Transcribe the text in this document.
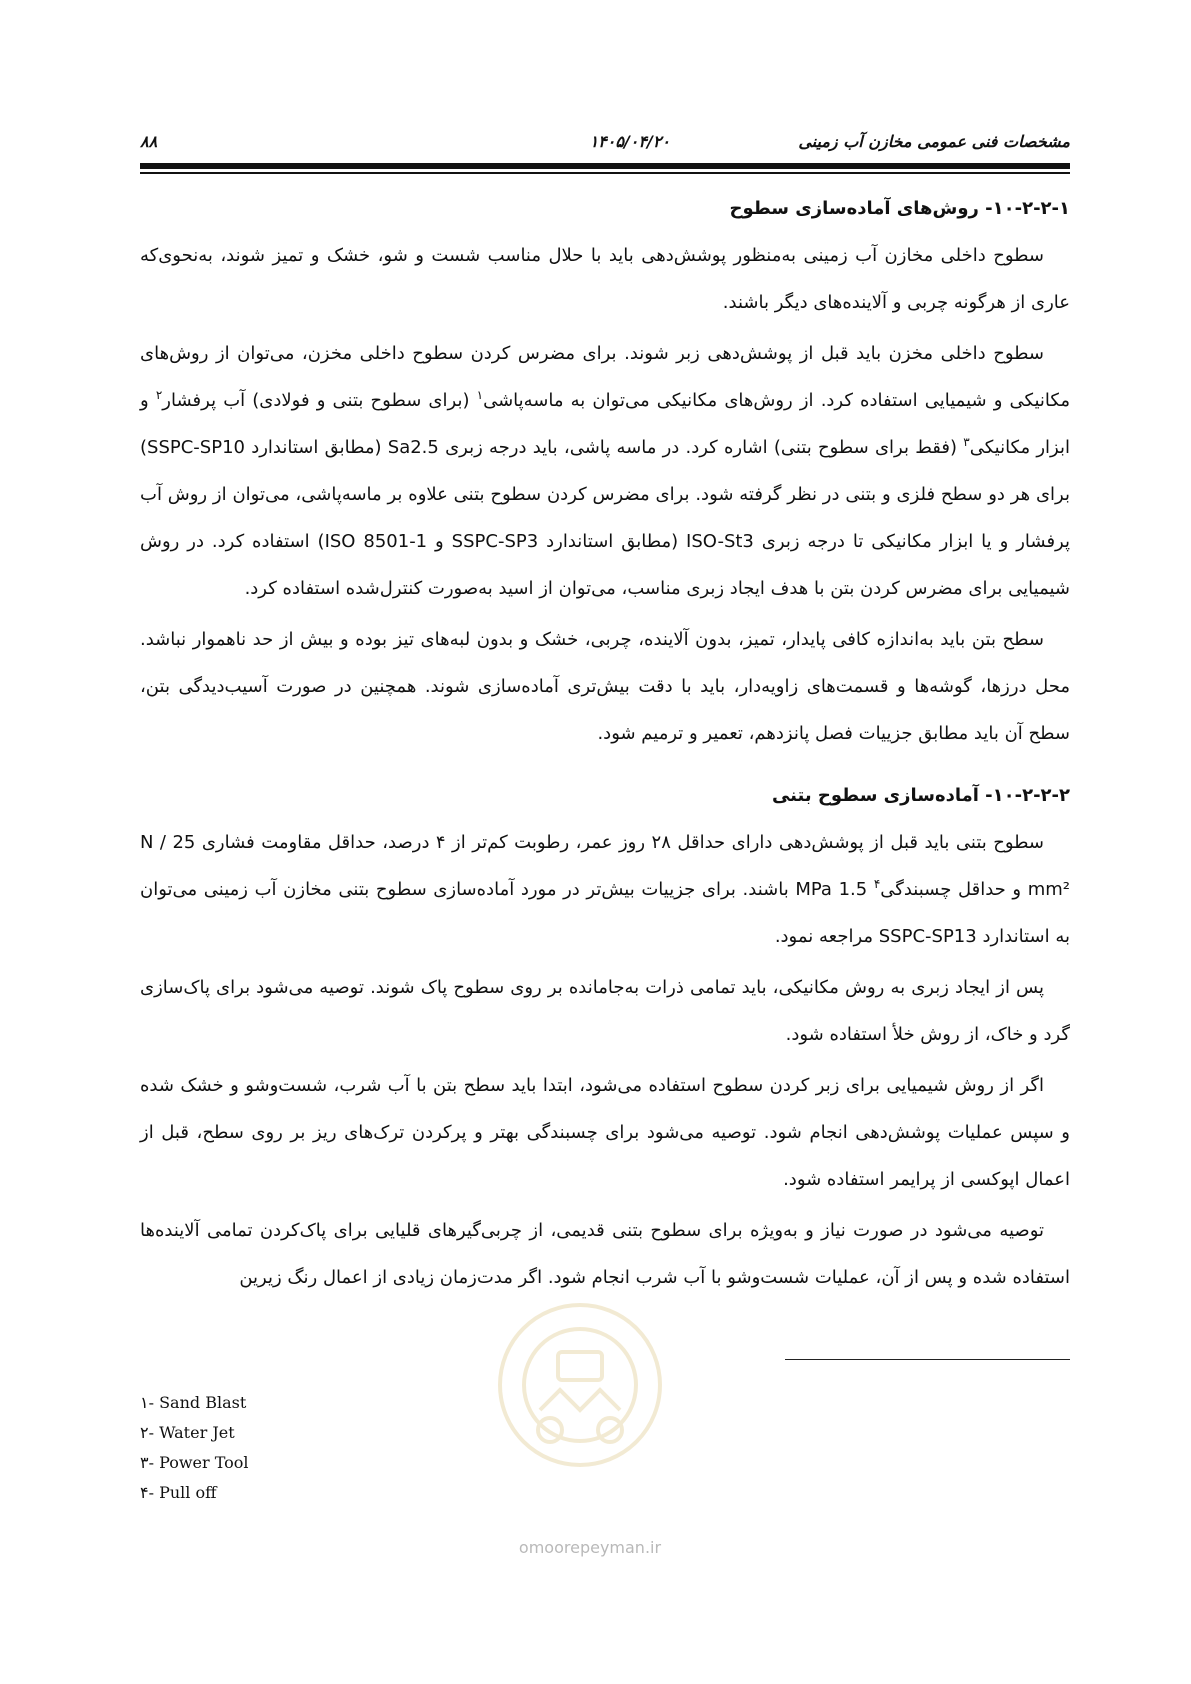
مشخصات فنی عمومی مخازن آب زمینی
۱۴۰۵/۰۴/۲۰
۸۸
۱۰-۲-۲-۱- روش‌های آماده‌سازی سطوح

سطوح داخلی مخازن آب زمینی به‌منظور پوشش‌دهی باید با حلال مناسب شست و شو، خشک و تمیز شوند، به‌نحوی‌که عاری از هرگونه چربی و آلاینده‌های دیگر باشند.

سطوح داخلی مخزن باید قبل از پوشش‌دهی زبر شوند. برای مضرس کردن سطوح داخلی مخزن، می‌توان از روش‌های مکانیکی و شیمیایی استفاده کرد. از روش‌های مکانیکی می‌توان به ماسه‌پاشی$^۱$ (برای سطوح بتنی و فولادی) آب پرفشار$^۲$ و ابزار مکانیکی$^۳$ (فقط برای سطوح بتنی) اشاره کرد. در ماسه پاشی، باید درجه زبری Sa2.5 (مطابق استاندارد SSPC-SP10) برای هر دو سطح فلزی و بتنی در نظر گرفته شود. برای مضرس کردن سطوح بتنی علاوه بر ماسه‌پاشی، می‌توان از روش آب پرفشار و یا ابزار مکانیکی تا درجه زبری ISO-St3 (مطابق استاندارد SSPC-SP3 و ISO 8501-1) استفاده کرد. در روش شیمیایی برای مضرس کردن بتن با هدف ایجاد زبری مناسب، می‌توان از اسید به‌صورت کنترل‌شده استفاده کرد.

سطح بتن باید به‌اندازه کافی پایدار، تمیز، بدون آلاینده، چربی، خشک و بدون لبه‌های تیز بوده و بیش از حد ناهموار نباشد. محل درزها، گوشه‌ها و قسمت‌های زاویه‌دار، باید با دقت بیش‌تری آماده‌سازی شوند. همچنین در صورت آسیب‌دیدگی بتن، سطح آن باید مطابق جزییات فصل پانزدهم، تعمیر و ترمیم شود.

۱۰-۲-۲-۲- آماده‌سازی سطوح بتنی

سطوح بتنی باید قبل از پوشش‌دهی دارای حداقل ۲۸ روز عمر، رطوبت کم‌تر از ۴ درصد، حداقل مقاومت فشاری 25 N / mm² و حداقل چسبندگی$^۴$ 1.5 MPa باشند. برای جزییات بیش‌تر در مورد آماده‌سازی سطوح بتنی مخازن آب زمینی می‌توان به استاندارد SSPC-SP13 مراجعه نمود.

پس از ایجاد زبری به روش مکانیکی، باید تمامی ذرات به‌جامانده بر روی سطوح پاک شوند. توصیه می‌شود برای پاک‌سازی گرد و خاک، از روش خلأ استفاده شود.

اگر از روش شیمیایی برای زبر کردن سطوح استفاده می‌شود، ابتدا باید سطح بتن با آب شرب، شست‌وشو و خشک شده و سپس عملیات پوشش‌دهی انجام شود. توصیه می‌شود برای چسبندگی بهتر و پرکردن ترک‌های ریز بر روی سطح، قبل از اعمال اپوکسی از پرایمر استفاده شود.

توصیه می‌شود در صورت نیاز و به‌ویژه برای سطوح بتنی قدیمی، از چربی‌گیرهای قلیایی برای پاک‌کردن تمامی آلاینده‌ها استفاده شده و پس از آن، عملیات شست‌وشو با آب شرب انجام شود. اگر مدت‌زمان زیادی از اعمال رنگ زیرین

۱- Sand Blast
۲- Water Jet
۳- Power Tool
۴- Pull off
omoorepeyman.ir
